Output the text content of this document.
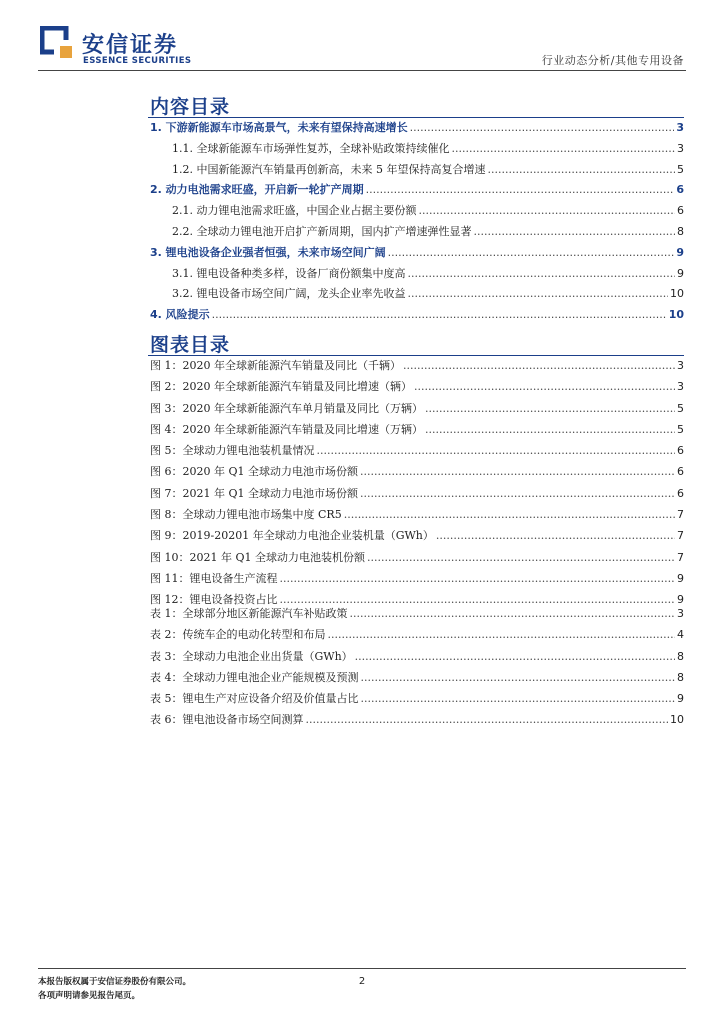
安信证券
ESSENCE SECURITIES	行业动态分析/其他专用设备
内容目录
1. 下游新能源车市场高景气，未来有望保持高速增长 .....	3
1.1. 全球新能源车市场弹性复苏，全球补贴政策持续催化 .....	3
1.2. 中国新能源汽车销量再创新高，未来 5 年望保持高复合增速 .....	5
2. 动力电池需求旺盛，开启新一轮扩产周期 .....	6
2.1. 动力锂电池需求旺盛，中国企业占据主要份额 .....	6
2.2. 全球动力锂电池开启扩产新周期，国内扩产增速弹性显著 .....	8
3. 锂电池设备企业强者恒强，未来市场空间广阔 .....	9
3.1. 锂电设备种类多样，设备厂商份额集中度高 .....	9
3.2. 锂电设备市场空间广阔，龙头企业率先收益 .....	10
4. 风险提示 .....	10
图表目录
图 1：2020 年全球新能源汽车销量及同比（千辆） .....	3
图 2：2020 年全球新能源汽车销量及同比增速（辆） .....	3
图 3：2020 年全球新能源汽车单月销量及同比（万辆） .....	5
图 4：2020 年全球新能源汽车销量及同比增速（万辆） .....	5
图 5：全球动力锂电池装机量情况 .....	6
图 6：2020 年 Q1 全球动力电池市场份额 .....	6
图 7：2021 年 Q1 全球动力电池市场份额 .....	6
图 8：全球动力锂电池市场集中度 CR5 .....	7
图 9：2019-20201 年全球动力电池企业装机量（GWh） .....	7
图 10：2021 年 Q1 全球动力电池装机份额 .....	7
图 11：锂电设备生产流程 .....	9
图 12：锂电设备投资占比 .....	9
表 1：全球部分地区新能源汽车补贴政策 .....	3
表 2：传统车企的电动化转型和布局 .....	4
表 3：全球动力电池企业出货量（GWh） .....	8
表 4：全球动力锂电池企业产能规模及预测 .....	8
表 5：锂电生产对应设备介绍及价值量占比 .....	9
表 6：锂电池设备市场空间测算 .....	10
本报告版权属于安信证券股份有限公司。
各项声明请参见报告尾页。
2
